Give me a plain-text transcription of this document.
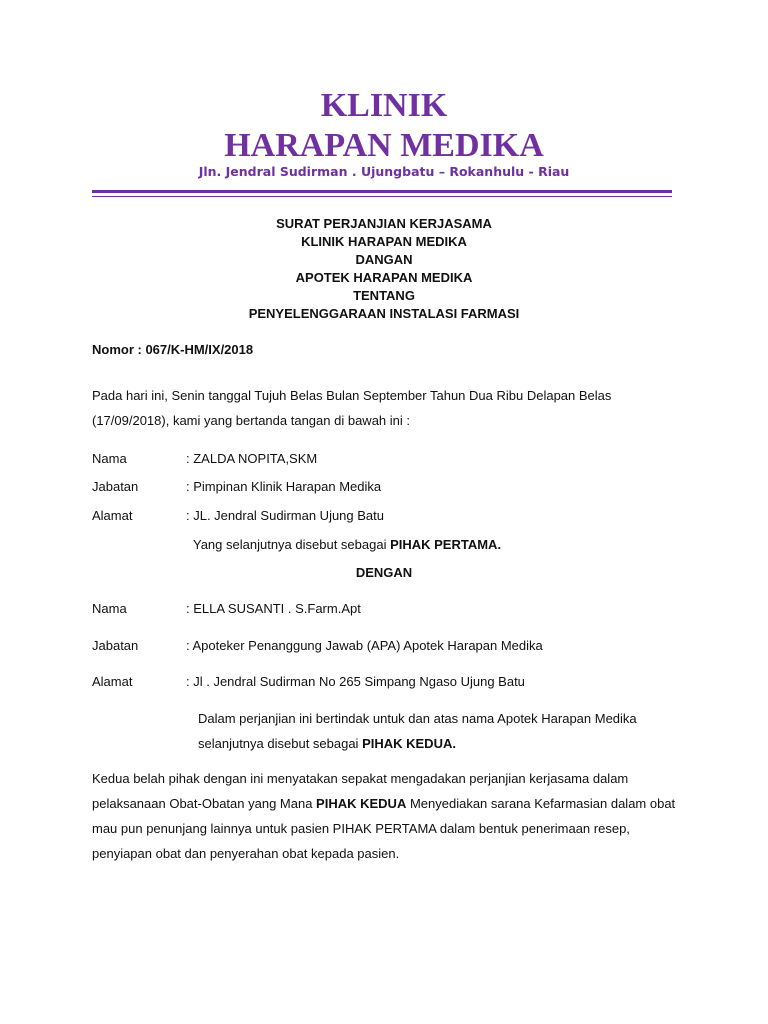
KLINIK
HARAPAN MEDIKA
Jln. Jendral Sudirman . Ujungbatu – Rokanhulu - Riau
SURAT PERJANJIAN KERJASAMA
KLINIK HARAPAN MEDIKA
DANGAN
APOTEK HARAPAN MEDIKA
TENTANG
PENYELENGGARAAN INSTALASI FARMASI
Nomor : 067/K-HM/IX/2018
Pada hari ini, Senin tanggal Tujuh Belas Bulan September Tahun Dua Ribu Delapan Belas
(17/09/2018), kami yang bertanda tangan di bawah ini :
Nama	: ZALDA NOPITA,SKM
Jabatan	: Pimpinan Klinik Harapan Medika
Alamat	: JL. Jendral Sudirman Ujung Batu
Yang selanjutnya disebut sebagai PIHAK PERTAMA.
DENGAN
Nama	: ELLA SUSANTI . S.Farm.Apt
Jabatan	: Apoteker Penanggung Jawab (APA) Apotek Harapan Medika
Alamat	: Jl . Jendral Sudirman No 265 Simpang Ngaso Ujung Batu
Dalam perjanjian ini bertindak untuk dan atas nama Apotek Harapan Medika
selanjutnya disebut sebagai PIHAK KEDUA.
Kedua belah pihak dengan ini menyatakan sepakat mengadakan perjanjian kerjasama dalam
pelaksanaan Obat-Obatan yang Mana PIHAK KEDUA Menyediakan sarana Kefarmasian dalam obat
mau pun penunjang lainnya untuk pasien PIHAK PERTAMA dalam bentuk penerimaan resep,
penyiapan obat dan penyerahan obat kepada pasien.
